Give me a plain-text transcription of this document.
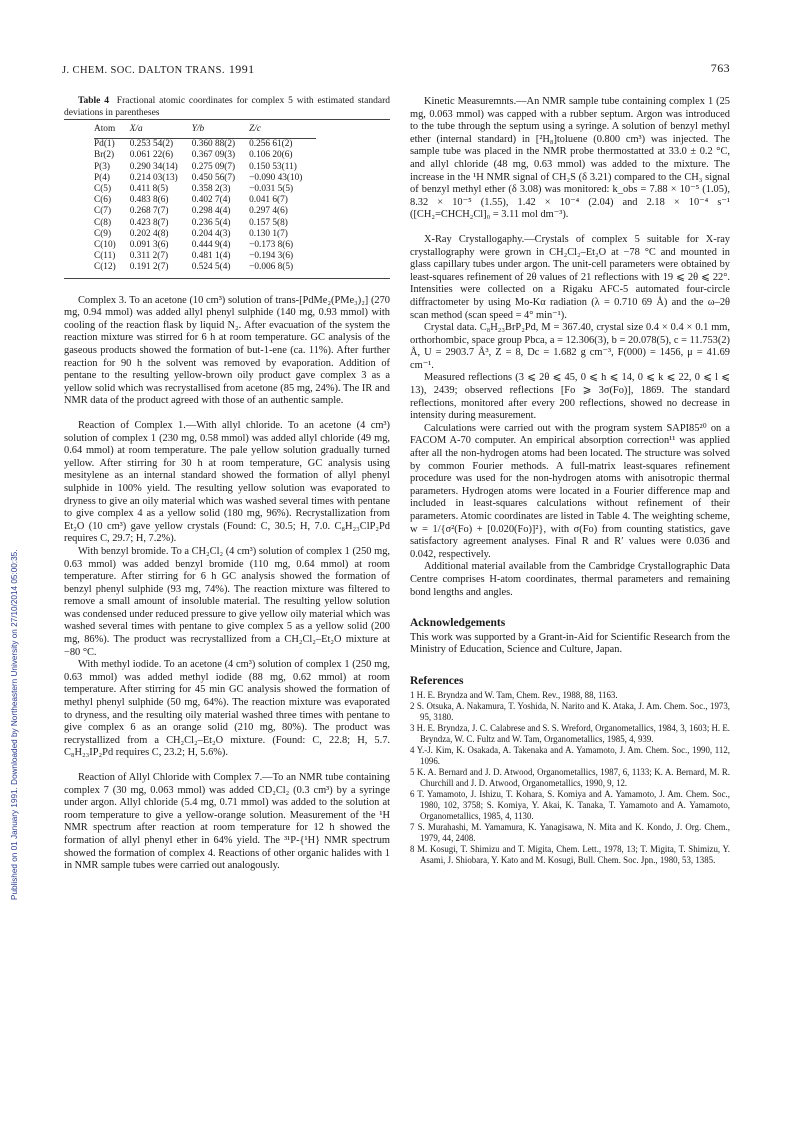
J. CHEM. SOC. DALTON TRANS. 1991	763
Published on 01 January 1991. Downloaded by Northeastern University on 27/10/2014 05:00:35.

Table 4 Fractional atomic coordinates for complex 5 with estimated standard deviations in parentheses

Atom	X/a	Y/b	Z/c
Pd(1)	0.253 54(2)	0.360 88(2)	0.256 61(2)
Br(2)	0.061 22(6)	0.367 09(3)	0.106 20(6)
P(3)	0.290 34(14)	0.275 09(7)	0.150 53(11)
P(4)	0.214 03(13)	0.450 56(7)	−0.090 43(10)
C(5)	0.411 8(5)	0.358 2(3)	−0.031 5(5)
C(6)	0.483 8(6)	0.402 7(4)	0.041 6(7)
C(7)	0.268 7(7)	0.298 4(4)	0.297 4(6)
C(8)	0.423 8(7)	0.236 5(4)	0.157 5(8)
C(9)	0.202 4(8)	0.204 4(3)	0.130 1(7)
C(10)	0.091 3(6)	0.444 9(4)	−0.173 8(6)
C(11)	0.311 2(7)	0.481 1(4)	−0.194 3(6)
C(12)	0.191 2(7)	0.524 5(4)	−0.006 8(5)

Complex 3. To an acetone (10 cm³) solution of trans-[PdMe₂(PMe₃)₂] (270 mg, 0.94 mmol) was added allyl phenyl sulphide (140 mg, 0.93 mmol) with cooling of the reaction flask by liquid N₂. After evacuation of the system the reaction mixture was stirred for 6 h at room temperature. GC analysis of the gaseous products showed the formation of but-1-ene (ca. 11%). After further reaction for 90 h the solvent was removed by evaporation. Addition of pentane to the resulting yellow-brown oily product gave complex 3 as a yellow solid which was recrystallised from acetone (85 mg, 24%). The IR and NMR data of the product agreed with those of an authentic sample.

Reaction of Complex 1.—With allyl chloride. To an acetone (4 cm³) solution of complex 1 (230 mg, 0.58 mmol) was added allyl chloride (49 mg, 0.64 mmol) at room temperature. The pale yellow solution gradually turned yellow. After stirring for 30 h at room temperature, GC analysis using mesitylene as an internal standard showed the formation of allyl phenyl sulphide in 100% yield. The resulting yellow solution was evaporated to dryness to give an oily material which was washed several times with pentane to give complex 4 as a yellow solid (180 mg, 96%). Recrystallization from Et₂O (10 cm³) gave yellow crystals (Found: C, 30.5; H, 7.0. C₈H₂₃ClP₂Pd requires C, 29.7; H, 7.2%).

With benzyl bromide. To a CH₂Cl₂ (4 cm³) solution of complex 1 (250 mg, 0.63 mmol) was added benzyl bromide (110 mg, 0.64 mmol) at room temperature. After stirring for 6 h GC analysis showed the formation of benzyl phenyl sulphide (93 mg, 74%). The reaction mixture was filtered to remove a small amount of insoluble material. The resulting yellow solution was condensed under reduced pressure to give yellow oily material which was washed several times with pentane to give complex 5 as a yellow solid (200 mg, 86%). The product was recrystallized from a CH₂Cl₂–Et₂O mixture at −80 °C.

With methyl iodide. To an acetone (4 cm³) solution of complex 1 (250 mg, 0.63 mmol) was added methyl iodide (88 mg, 0.62 mmol) at room temperature. After stirring for 45 min GC analysis showed the formation of methyl phenyl sulphide (50 mg, 64%). The reaction mixture was evaporated to dryness, and the resulting oily material washed three times with pentane to give complex 6 as an orange solid (210 mg, 80%). The product was recrystallized from a CH₂Cl₂–Et₂O mixture. (Found: C, 22.8; H, 5.7. C₈H₂₃IP₂Pd requires C, 23.2; H, 5.6%).

Reaction of Allyl Chloride with Complex 7.—To an NMR tube containing complex 7 (30 mg, 0.063 mmol) was added CD₂Cl₂ (0.3 cm³) by a syringe under argon. Allyl chloride (5.4 mg, 0.71 mmol) was added to the solution at room temperature to give a yellow-orange solution. Measurement of the ¹H NMR spectrum after reaction at room temperature for 12 h showed the formation of allyl phenyl ether in 64% yield. The ³¹P-{¹H} NMR spectrum showed the formation of complex 4. Reactions of other organic halides with 1 in NMR sample tubes were carried out analogously.

Kinetic Measuremnts.—An NMR sample tube containing complex 1 (25 mg, 0.063 mmol) was capped with a rubber septum. Argon was introduced to the tube through the septum using a syringe. A solution of benzyl methyl ether (internal standard) in [²H₈]toluene (0.800 cm³) was injected. The sample tube was placed in the NMR probe thermostatted at 33.0 ± 0.2 °C, and allyl chloride (48 mg, 0.63 mmol) was added to the mixture. The increase in the ¹H NMR signal of CH₂S (δ 3.21) compared to the CH₃ signal of benzyl methyl ether (δ 3.08) was monitored: k_obs = 7.88 × 10⁻⁵ (1.05), 8.32 × 10⁻⁵ (1.55), 1.42 × 10⁻⁴ (2.04) and 2.18 × 10⁻⁴ s⁻¹ ([CH₂=CHCH₂Cl]₀ = 3.11 mol dm⁻³).

X-Ray Crystallogaphy.—Crystals of complex 5 suitable for X-ray crystallography were grown in CH₂Cl₂–Et₂O at −78 °C and mounted in glass capillary tubes under argon. The unit-cell parameters were obtained by least-squares refinement of 2θ values of 21 reflections with 19 ⩽ 2θ ⩽ 22°. Intensities were collected on a Rigaku AFC-5 automated four-circle diffractometer by using Mo-Kα radiation (λ = 0.710 69 Å) and the ω–2θ scan method (scan speed = 4° min⁻¹).

Crystal data. C₈H₂₃BrP₂Pd, M = 367.40, crystal size 0.4 × 0.4 × 0.1 mm, orthorhombic, space group Pbca, a = 12.306(3), b = 20.078(5), c = 11.753(2) Å, U = 2903.7 Å³, Z = 8, Dc = 1.682 g cm⁻³, F(000) = 1456, μ = 41.69 cm⁻¹.

Measured reflections (3 ⩽ 2θ ⩽ 45, 0 ⩽ h ⩽ 14, 0 ⩽ k ⩽ 22, 0 ⩽ l ⩽ 13), 2439; observed reflections [Fo ⩾ 3σ(Fo)], 1869. The standard reflections, monitored after every 200 reflections, showed no decrease in intensity during measurement.

Calculations were carried out with the program system SAPI85²⁰ on a FACOM A-70 computer. An empirical absorption correction¹¹ was applied after all the non-hydrogen atoms had been located. The structure was solved by common Fourier methods. A full-matrix least-squares refinement procedure was used for the non-hydrogen atoms with anisotropic thermal parameters. Hydrogen atoms were located in a Fourier difference map and included in least-squares calculations without refinement of their parameters. Atomic coordinates are listed in Table 4. The weighting scheme, w = 1/{σ²(Fo) + [0.020(Fo)]²}, with σ(Fo) from counting statistics, gave satisfactory agreement analyses. Final R and R′ values were 0.036 and 0.042, respectively.

Additional material available from the Cambridge Crystallographic Data Centre comprises H-atom coordinates, thermal parameters and remaining bond lengths and angles.

Acknowledgements

This work was supported by a Grant-in-Aid for Scientific Research from the Ministry of Education, Science and Culture, Japan.

References
1 H. E. Bryndza and W. Tam, Chem. Rev., 1988, 88, 1163.
2 S. Otsuka, A. Nakamura, T. Yoshida, N. Narito and K. Ataka, J. Am. Chem. Soc., 1973, 95, 3180.
3 H. E. Bryndza, J. C. Calabrese and S. S. Wreford, Organometallics, 1984, 3, 1603; H. E. Bryndza, W. C. Fultz and W. Tam, Organometallics, 1985, 4, 939.
4 Y.-J. Kim, K. Osakada, A. Takenaka and A. Yamamoto, J. Am. Chem. Soc., 1990, 112, 1096.
5 K. A. Bernard and J. D. Atwood, Organometallics, 1987, 6, 1133; K. A. Bernard, M. R. Churchill and J. D. Atwood, Organometallics, 1990, 9, 12.
6 T. Yamamoto, J. Ishizu, T. Kohara, S. Komiya and A. Yamamoto, J. Am. Chem. Soc., 1980, 102, 3758; S. Komiya, Y. Akai, K. Tanaka, T. Yamamoto and A. Yamamoto, Organometallics, 1985, 4, 1130.
7 S. Murahashi, M. Yamamura, K. Yanagisawa, N. Mita and K. Kondo, J. Org. Chem., 1979, 44, 2408.
8 M. Kosugi, T. Shimizu and T. Migita, Chem. Lett., 1978, 13; T. Migita, T. Shimizu, Y. Asami, J. Shiobara, Y. Kato and M. Kosugi, Bull. Chem. Soc. Jpn., 1980, 53, 1385.
